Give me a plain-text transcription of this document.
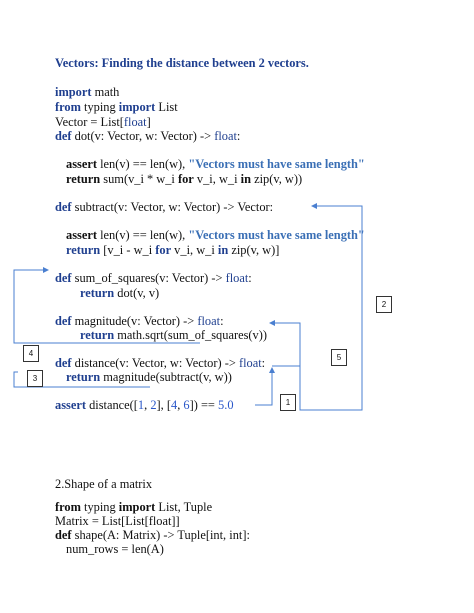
Vectors: Finding the distance between 2 vectors.
import math
from typing import List
Vector = List[float]
def dot(v: Vector, w: Vector) -> float:
assert len(v) == len(w), "Vectors must have same length"
return sum(v_i * w_i for v_i, w_i in zip(v, w))
def subtract(v: Vector, w: Vector) -> Vector:
assert len(v) == len(w), "Vectors must have same length"
return [v_i - w_i for v_i, w_i in zip(v, w)]
def sum_of_squares(v: Vector) -> float:
return dot(v, v)
def magnitude(v: Vector) -> float:
return math.sqrt(sum_of_squares(v))
def distance(v: Vector, w: Vector) -> float:
return magnitude(subtract(v, w))
assert distance([1, 2], [4, 6]) == 5.0
2
4	5
3
1
2.Shape of a matrix
from typing import List, Tuple
Matrix = List[List[float]]
def shape(A: Matrix) -> Tuple[int, int]:
num_rows = len(A)
